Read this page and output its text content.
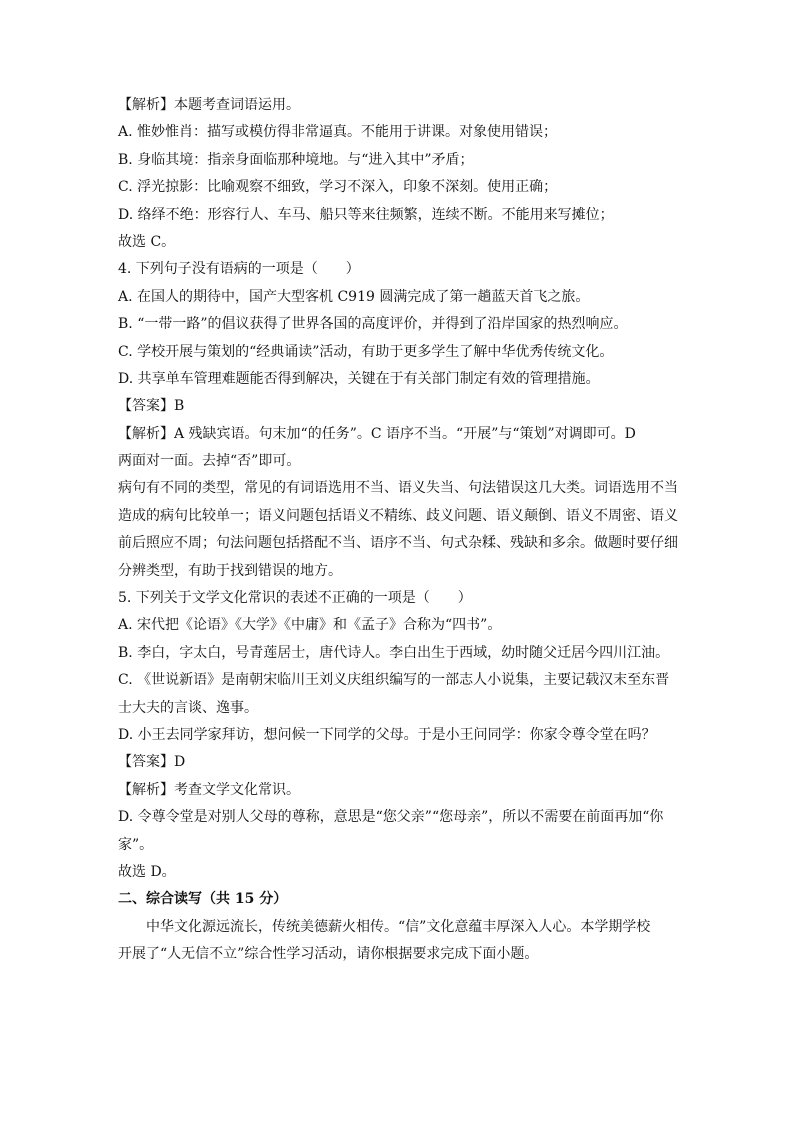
【解析】本题考查词语运用。
A. 惟妙惟肖：描写或模仿得非常逼真。不能用于讲课。对象使用错误；
B. 身临其境：指亲身面临那种境地。与“进入其中”矛盾；
C. 浮光掠影：比喻观察不细致，学习不深入，印象不深刻。使用正确；
D. 络绎不绝：形容行人、车马、船只等来往频繁，连续不断。不能用来写摊位；
故选 C。
4. 下列句子没有语病的一项是（　　）
A. 在国人的期待中，国产大型客机 C919 圆满完成了第一趟蓝天首飞之旅。
B. “一带一路”的倡议获得了世界各国的高度评价，并得到了沿岸国家的热烈响应。
C. 学校开展与策划的“经典诵读”活动，有助于更多学生了解中华优秀传统文化。
D. 共享单车管理难题能否得到解决，关键在于有关部门制定有效的管理措施。
【答案】B
【解析】A 残缺宾语。句末加“的任务”。C 语序不当。“开展”与“策划”对调即可。D
两面对一面。去掉“否”即可。
病句有不同的类型，常见的有词语选用不当、语义失当、句法错误这几大类。词语选用不当
造成的病句比较单一；语义问题包括语义不精练、歧义问题、语义颠倒、语义不周密、语义
前后照应不周；句法问题包括搭配不当、语序不当、句式杂糅、残缺和多余。做题时要仔细
分辨类型，有助于找到错误的地方。
5. 下列关于文学文化常识的表述不正确的一项是（　　）
A. 宋代把《论语》《大学》《中庸》和《孟子》合称为“四书”。
B. 李白，字太白，号青莲居士，唐代诗人。李白出生于西域，幼时随父迁居今四川江油。
C. 《世说新语》是南朝宋临川王刘义庆组织编写的一部志人小说集，主要记载汉末至东晋
士大夫的言谈、逸事。
D. 小王去同学家拜访，想问候一下同学的父母。于是小王问同学：你家令尊令堂在吗？
【答案】D
【解析】考查文学文化常识。
D. 令尊令堂是对别人父母的尊称，意思是“您父亲”“您母亲”，所以不需要在前面再加“你
家”。
故选 D。
二、综合读写（共 15 分）
中华文化源远流长，传统美德薪火相传。“信”文化意蕴丰厚深入人心。本学期学校
开展了“人无信不立”综合性学习活动，请你根据要求完成下面小题。
